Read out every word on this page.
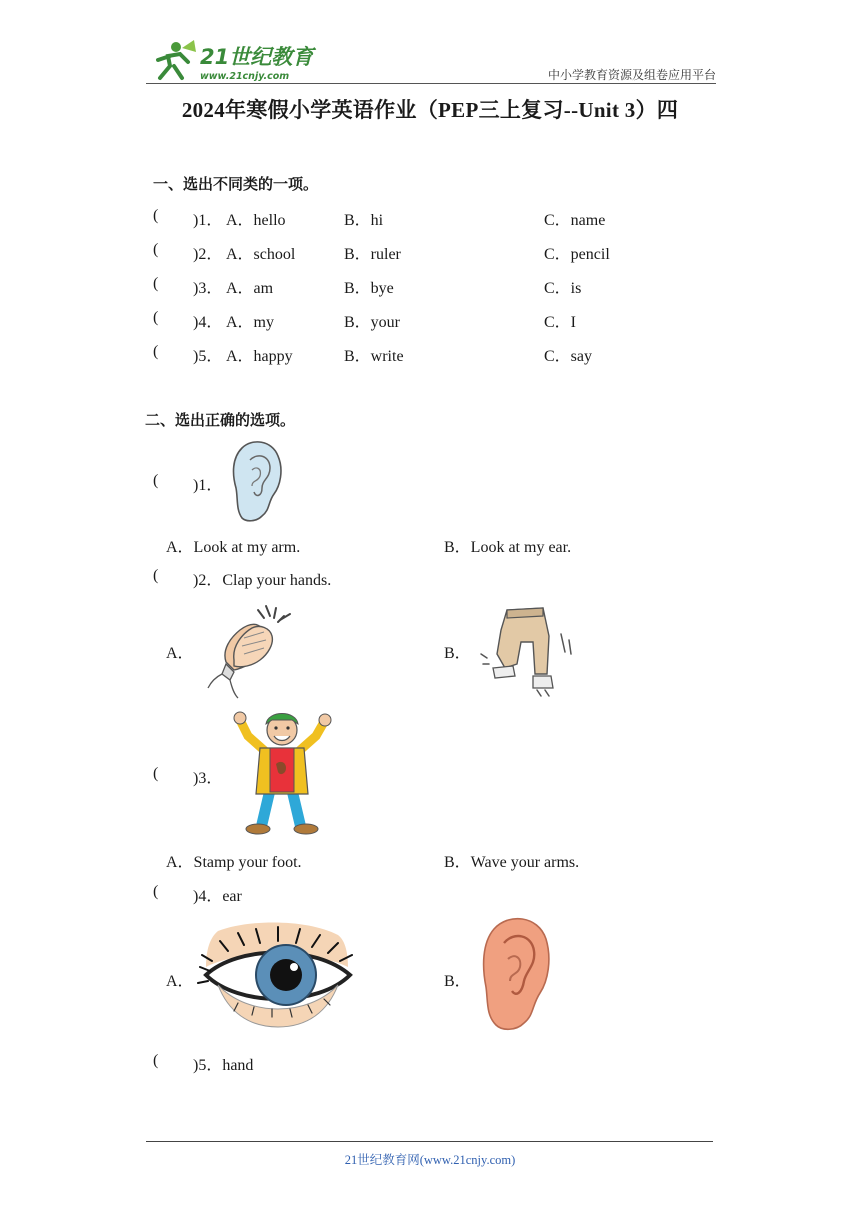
21世纪教育
www.21cnjy.com	中小学教育资源及组卷应用平台
2024年寒假小学英语作业（PEP三上复习--Unit 3）四
一、选出不同类的一项。
( )1． A．hello	B．hi	C．name
( )2． A．school	B．ruler	C．pencil
( )3． A．am	B．bye	C．is
( )4． A．my	B．your	C．I
( )5． A．happy	B．write	C．say
二、选出正确的选项。
( )1．
A．Look at my arm.	B．Look at my ear.
( )2．Clap your hands.
A．	B．
( )3．
A．Stamp your foot.	B．Wave your arms.
( )4．ear
A．	B．
( )5．hand
21世纪教育网(www.21cnjy.com)
